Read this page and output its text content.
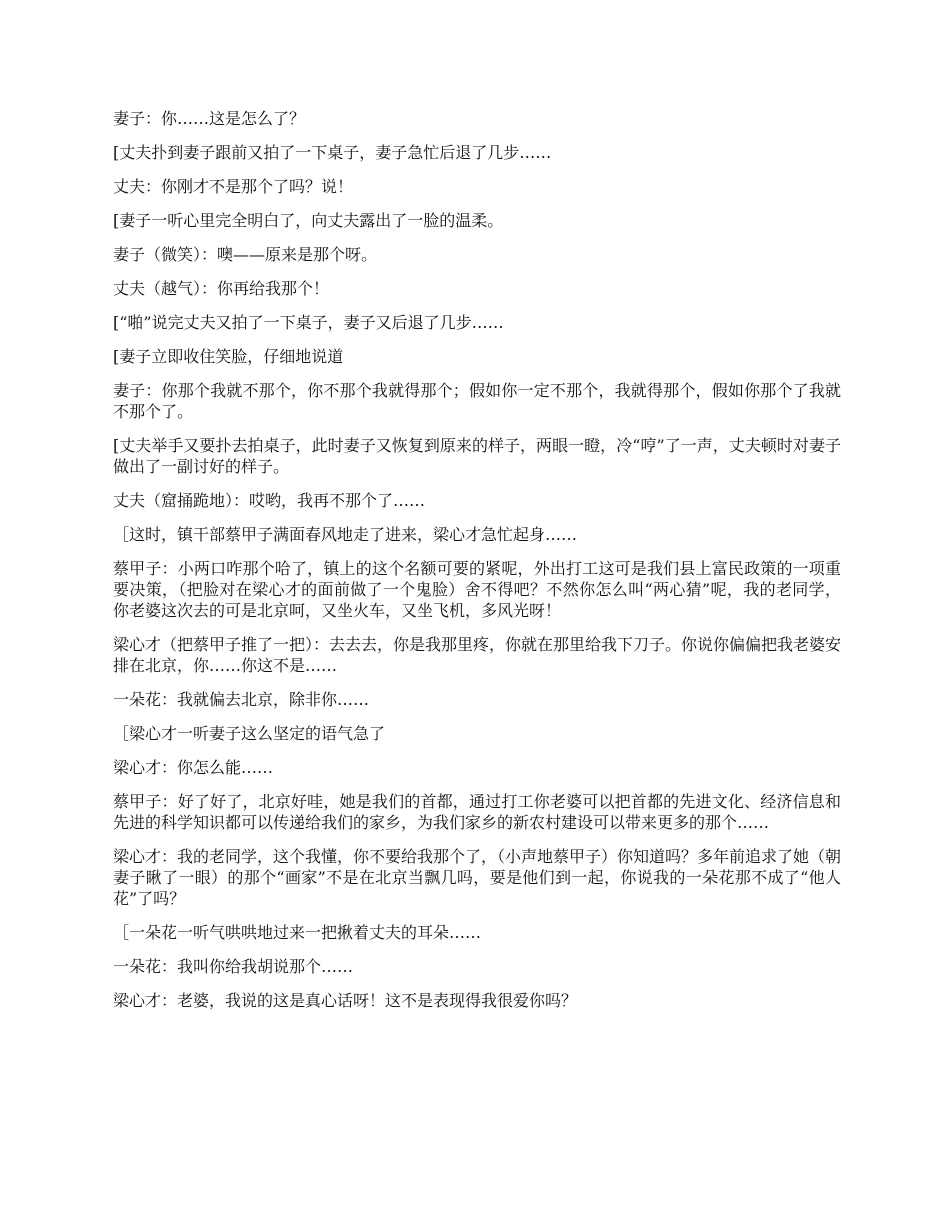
妻子：你……这是怎么了？

[丈夫扑到妻子跟前又拍了一下桌子，妻子急忙后退了几步……

丈夫：你刚才不是那个了吗？说！

[妻子一听心里完全明白了，向丈夫露出了一脸的温柔。

妻子（微笑）：噢——原来是那个呀。

丈夫（越气）：你再给我那个！

[“啪”说完丈夫又拍了一下桌子，妻子又后退了几步……

[妻子立即收住笑脸，仔细地说道

妻子：你那个我就不那个，你不那个我就得那个；假如你一定不那个，我就得那个，假如你那个了我就不那个了。

[丈夫举手又要扑去拍桌子，此时妻子又恢复到原来的样子，两眼一瞪，冷“哼”了一声，丈夫顿时对妻子做出了一副讨好的样子。

丈夫（窟捅跪地）：哎哟，我再不那个了……

［这时，镇干部蔡甲子满面春风地走了进来，梁心才急忙起身……

蔡甲子：小两口咋那个哈了，镇上的这个名额可要的紧呢，外出打工这可是我们县上富民政策的一项重要决策，（把脸对在梁心才的面前做了一个鬼脸）舍不得吧？不然你怎么叫“两心猜”呢，我的老同学，你老婆这次去的可是北京呵，又坐火车，又坐飞机，多风光呀！

梁心才（把蔡甲子推了一把）：去去去，你是我那里疼，你就在那里给我下刀子。你说你偏偏把我老婆安排在北京，你……你这不是……

一朵花：我就偏去北京，除非你……

［梁心才一听妻子这么坚定的语气急了

梁心才：你怎么能……

蔡甲子：好了好了，北京好哇，她是我们的首都，通过打工你老婆可以把首都的先进文化、经济信息和先进的科学知识都可以传递给我们的家乡，为我们家乡的新农村建设可以带来更多的那个……

梁心才：我的老同学，这个我懂，你不要给我那个了，（小声地蔡甲子）你知道吗？多年前追求了她（朝妻子瞅了一眼）的那个“画家”不是在北京当飘几吗，要是他们到一起，你说我的一朵花那不成了“他人花”了吗？

［一朵花一听气哄哄地过来一把揪着丈夫的耳朵……

一朵花：我叫你给我胡说那个……

梁心才：老婆，我说的这是真心话呀！这不是表现得我很爱你吗？
